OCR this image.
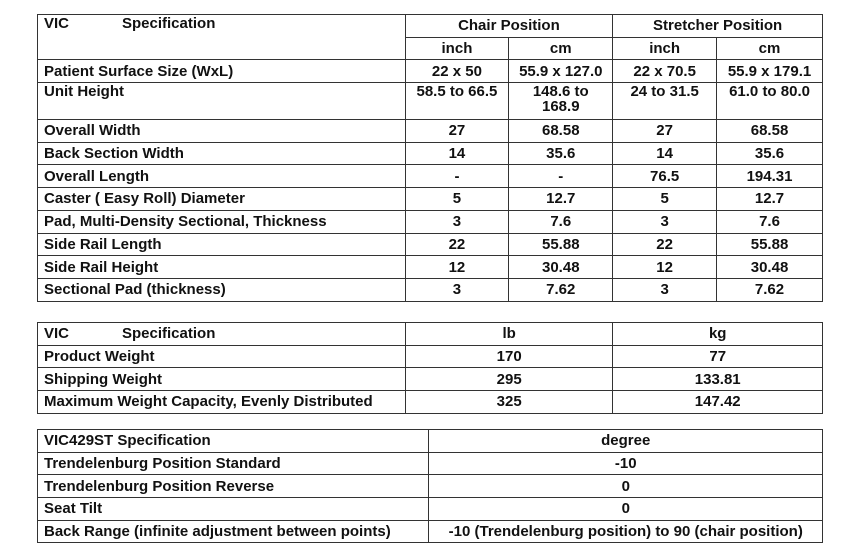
VIC Specification	Chair Position		Stretcher Position	
	inch	cm	inch	cm
Patient Surface Size (WxL)	22 x 50	55.9 x 127.0	22 x 70.5	55.9 x 179.1
Unit Height	58.5 to 66.5	148.6 to 168.9	24 to 31.5	61.0 to 80.0
Overall Width	27	68.58	27	68.58
Back Section Width	14	35.6	14	35.6
Overall Length	-	-	76.5	194.31
Caster ( Easy Roll) Diameter	5	12.7	5	12.7
Pad, Multi-Density Sectional, Thickness	3	7.6	3	7.6
Side Rail Length	22	55.88	22	55.88
Side Rail Height	12	30.48	12	30.48
Sectional Pad (thickness)	3	7.62	3	7.62
VIC Specification	lb	kg
Product Weight	170	77
Shipping Weight	295	133.81
Maximum Weight Capacity, Evenly Distributed	325	147.42
VIC429ST Specification	degree
Trendelenburg Position Standard	-10
Trendelenburg Position Reverse	0
Seat Tilt	0
Back Range (infinite adjustment between points)	-10 (Trendelenburg position) to 90 (chair position)
